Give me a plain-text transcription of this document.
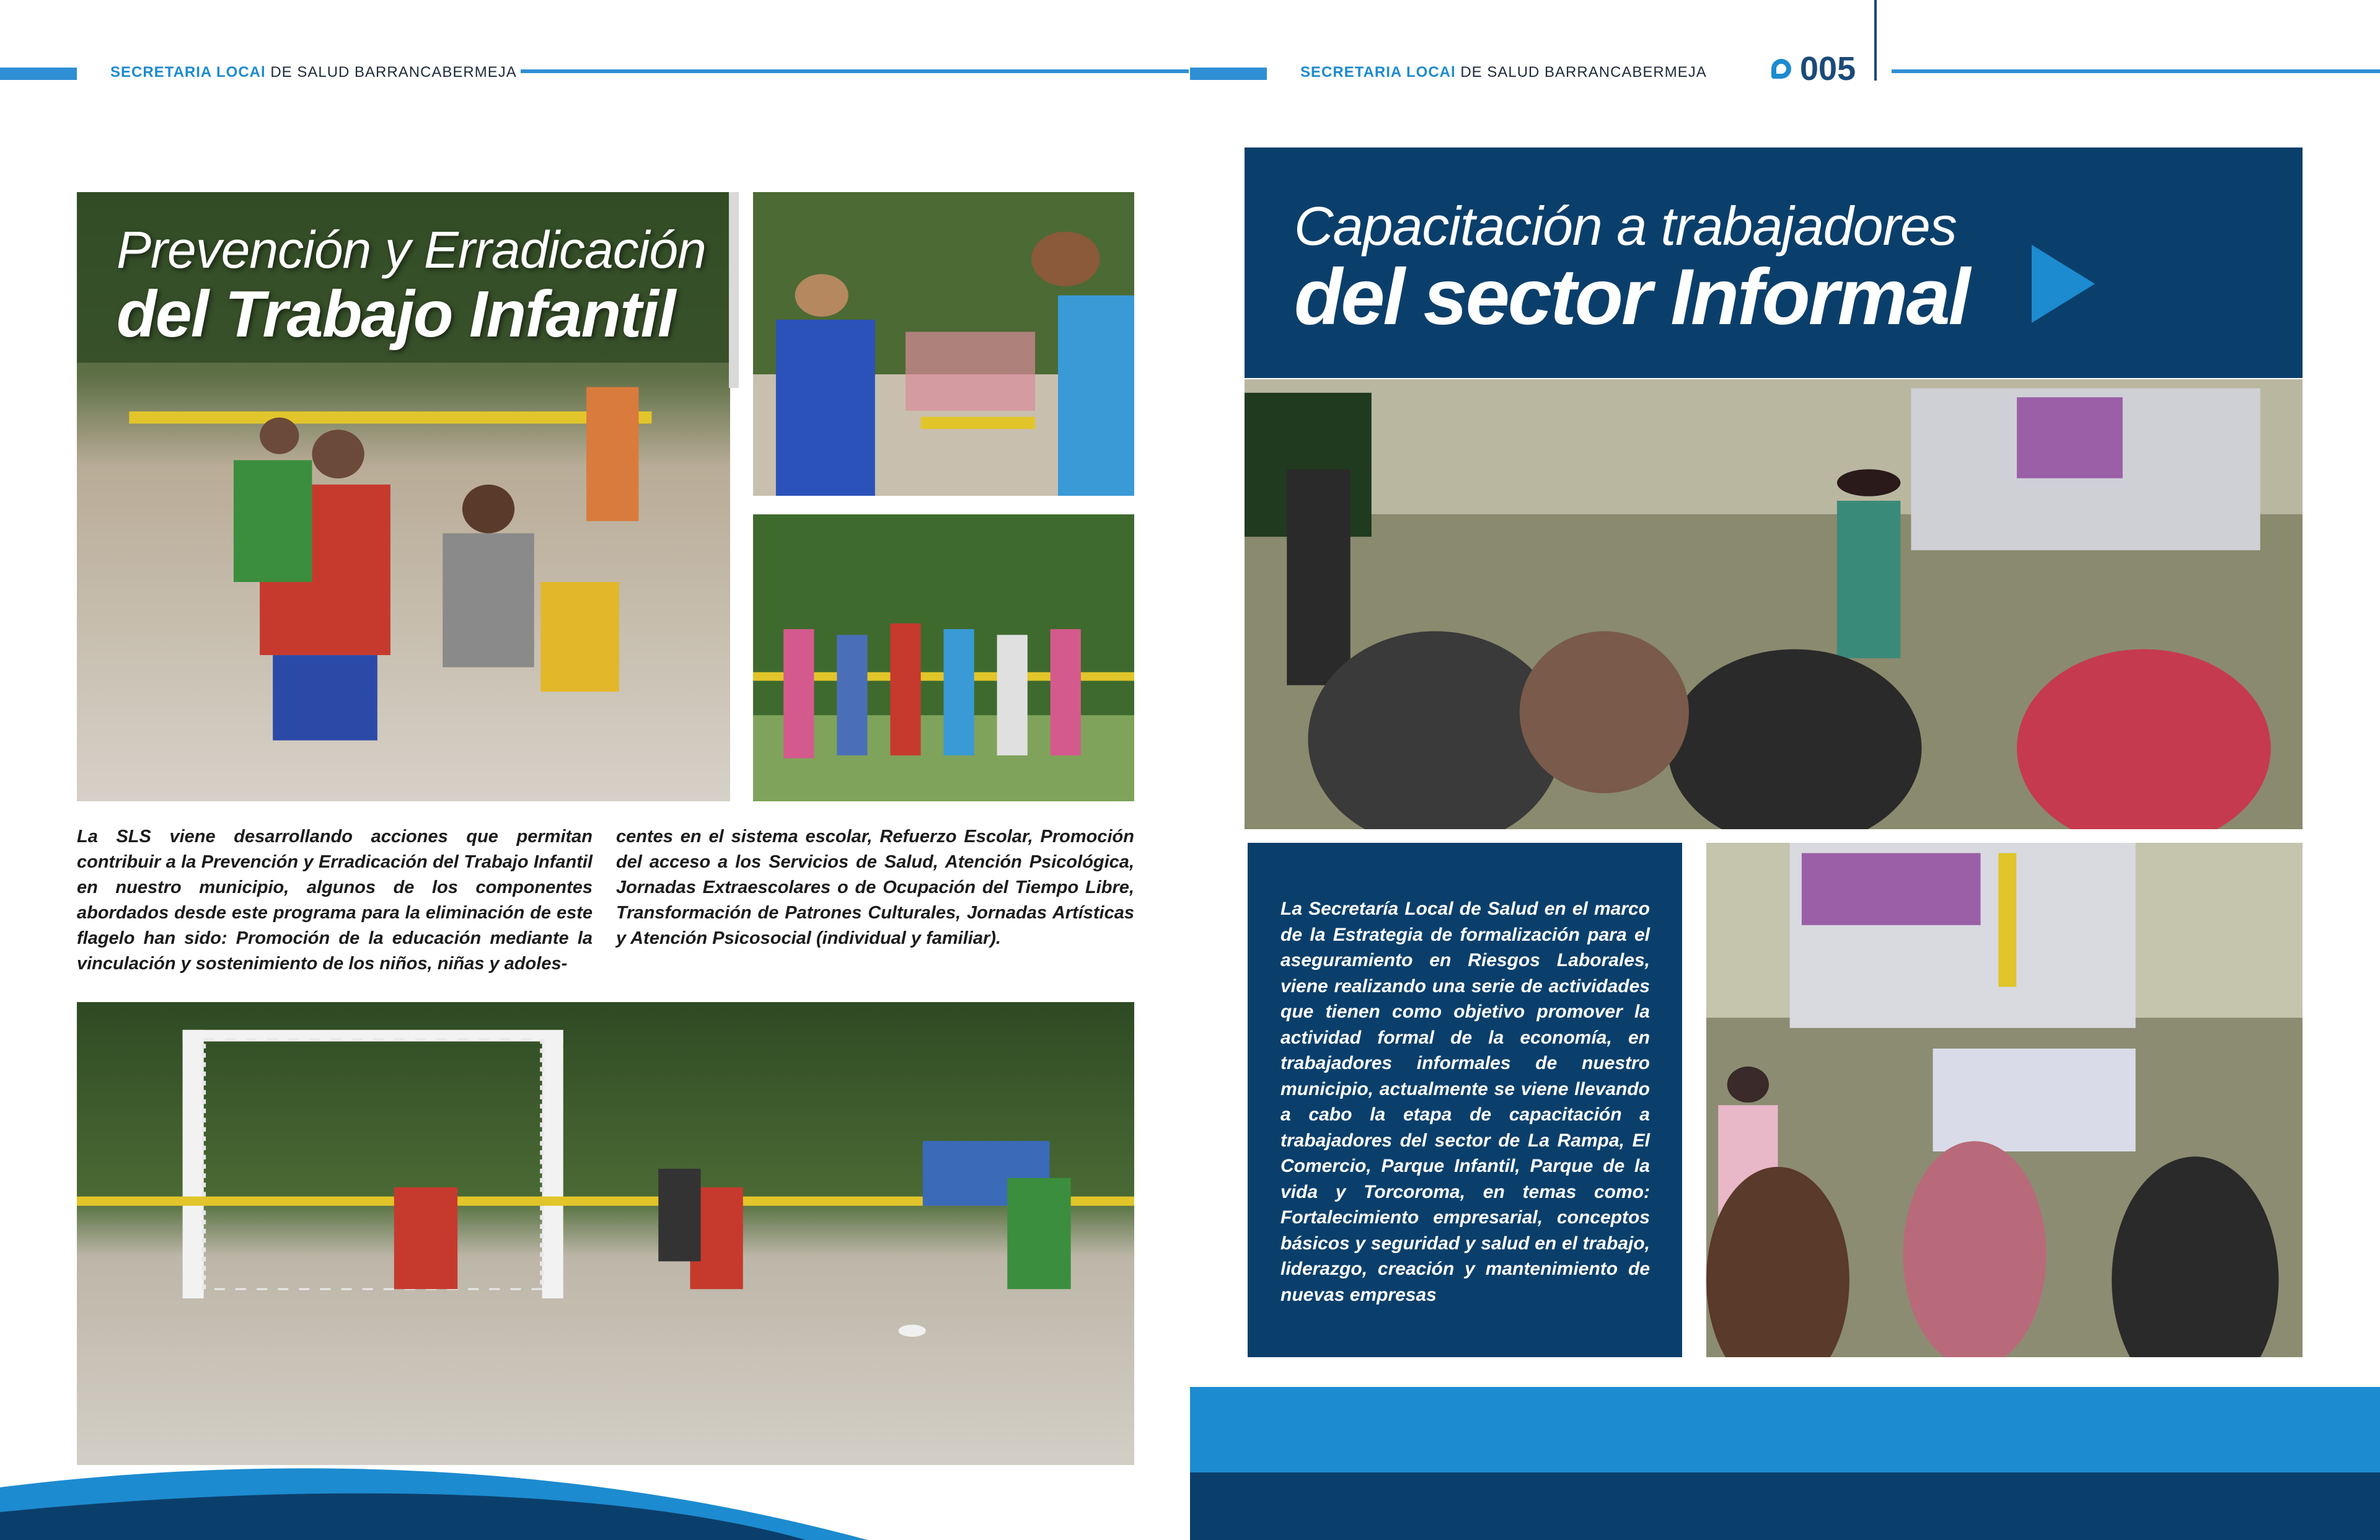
SECRETARIA LOCAl DE SALUD BARRANCABERMEJA	SECRETARIA LOCAl DE SALUD BARRANCABERMEJA	005
Prevención y Erradicación
del Trabajo Infantil
La SLS viene desarrollando acciones que permitan contribuir a la Prevención y Erradicación del Trabajo Infantil en nuestro municipio, algunos de los componentes abordados desde este programa para la eliminación de este flagelo han sido: Promoción de la educación mediante la vinculación y sostenimiento de los niños, niñas y adoles-
centes en el sistema escolar, Refuerzo Escolar, Promoción del acceso a los Servicios de Salud, Atención Psicológica, Jornadas Extraescolares o de Ocupación del Tiempo Libre, Transformación de Patrones Culturales, Jornadas Artísticas y Atención Psicosocial (individual y familiar).
Capacitación a trabajadores
del sector Informal
La Secretaría Local de Salud en el marco de la Estrategia de formalización para el aseguramiento en Riesgos Laborales, viene realizando una serie de actividades que tienen como objetivo promover la actividad formal de la economía, en trabajadores informales de nuestro municipio, actualmente se viene llevando a cabo la etapa de capacitación a trabajadores del sector de La Rampa, El Comercio, Parque Infantil, Parque de la vida y Torcoroma, en temas como: Fortalecimiento empresarial, conceptos básicos y seguridad y salud en el trabajo, liderazgo, creación y mantenimiento de nuevas empresas
